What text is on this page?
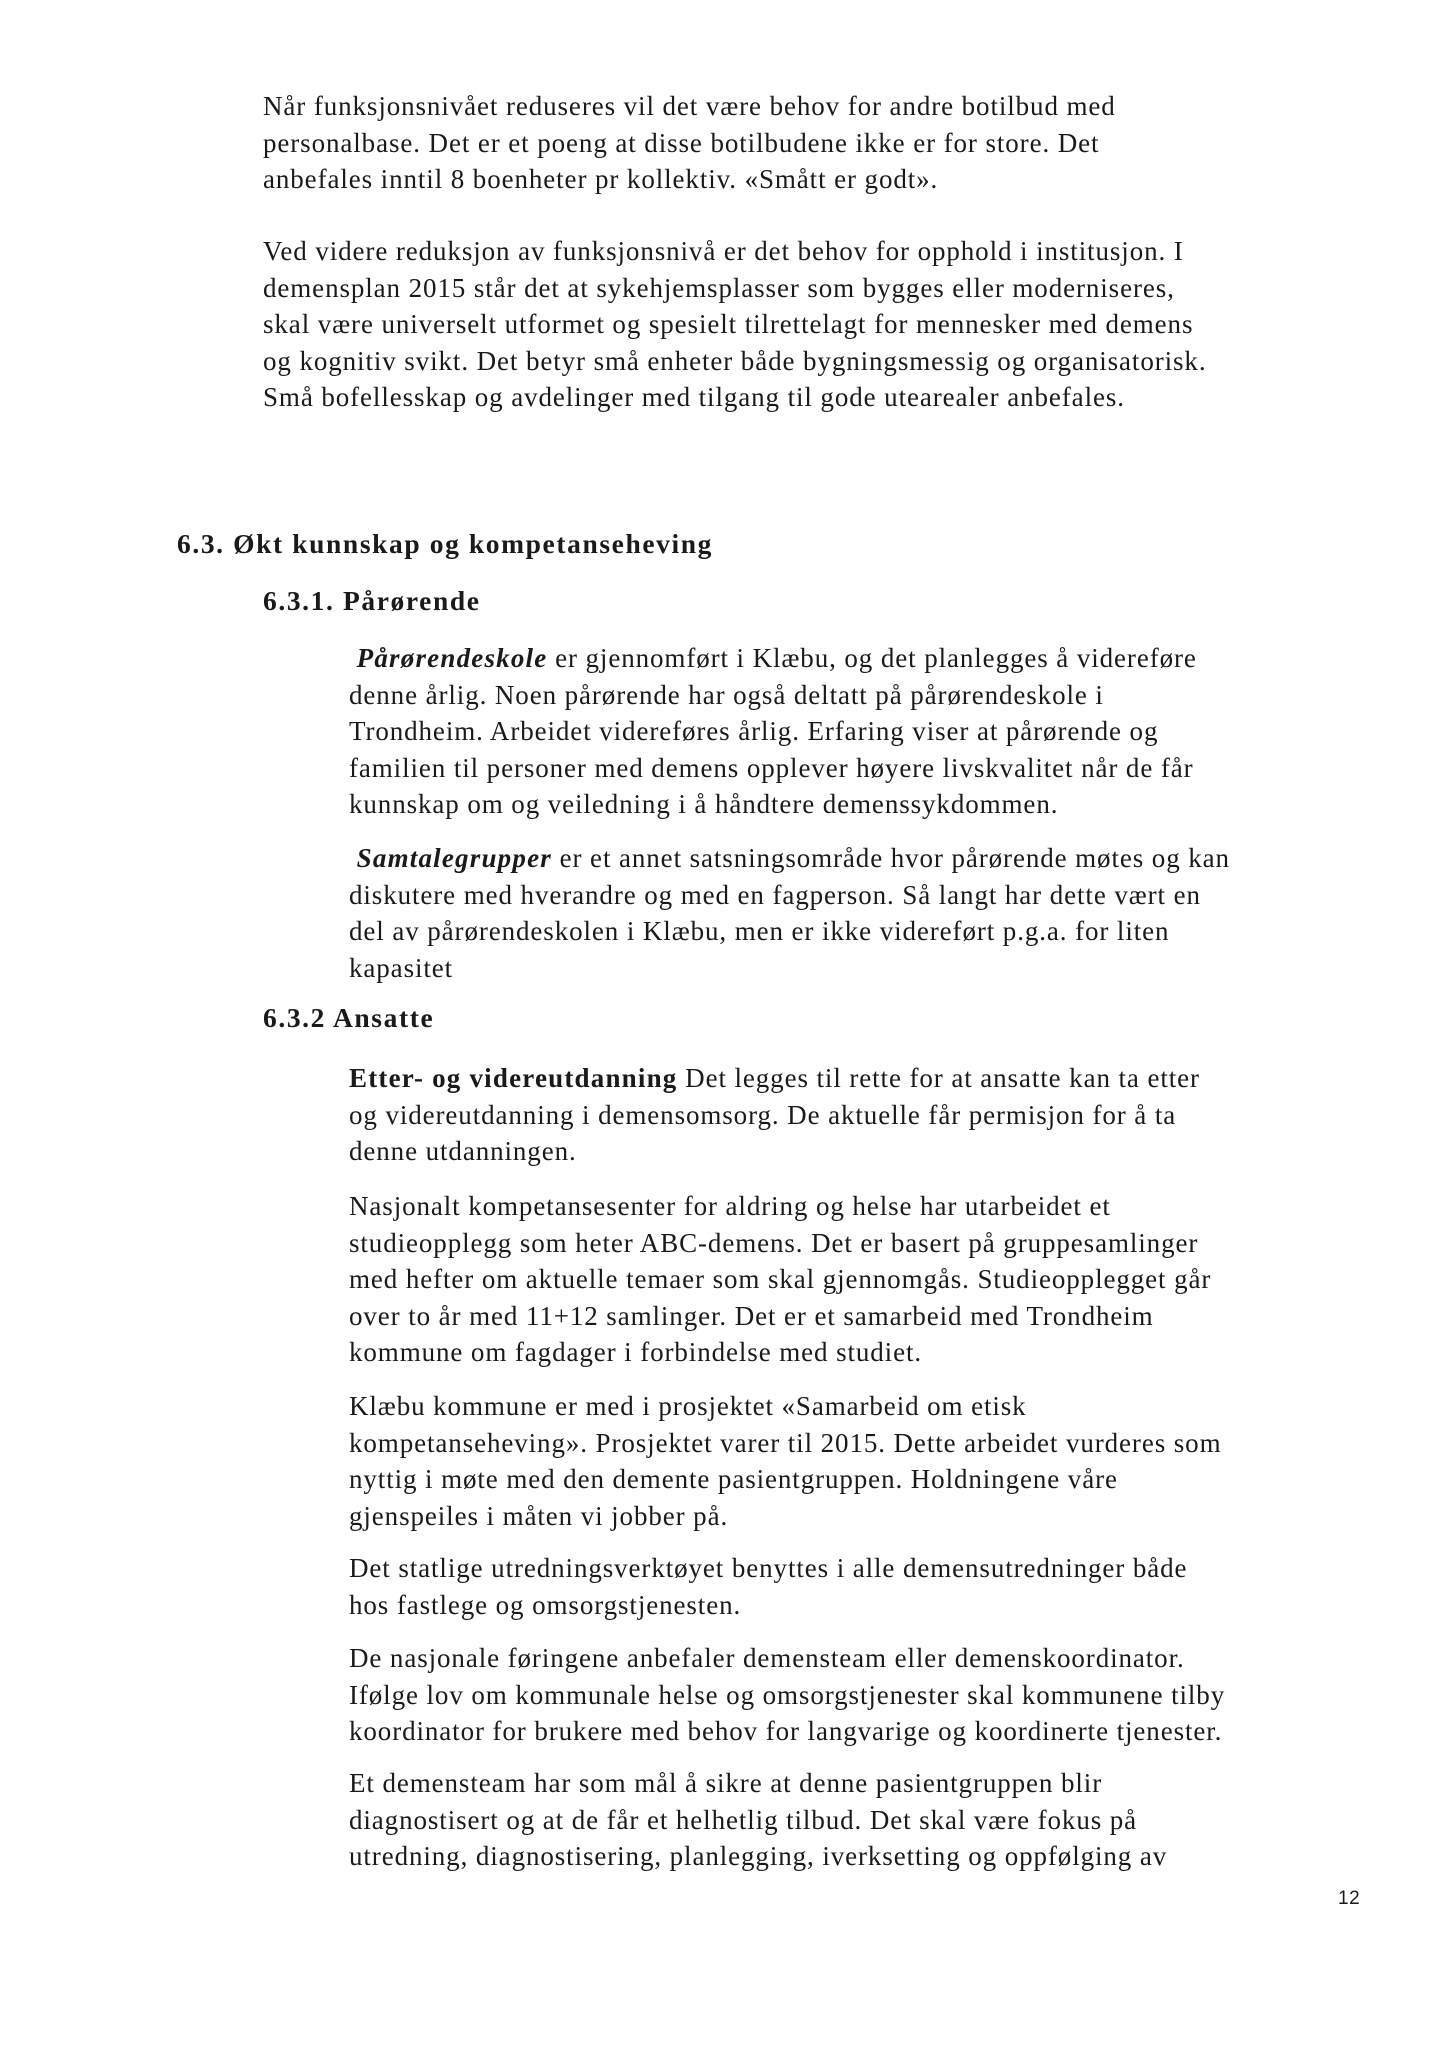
Når funksjonsnivået reduseres vil det være behov for andre botilbud med
personalbase. Det er et poeng at disse botilbudene ikke er for store. Det
anbefales inntil 8 boenheter pr kollektiv. «Smått er godt».

Ved videre reduksjon av funksjonsnivå er det behov for opphold i institusjon. I
demensplan 2015 står det at sykehjemsplasser som bygges eller moderniseres,
skal være universelt utformet og spesielt tilrettelagt for mennesker med demens
og kognitiv svikt. Det betyr små enheter både bygningsmessig og organisatorisk.
Små bofellesskap og avdelinger med tilgang til gode utearealer anbefales.

6.3. Økt kunnskap og kompetanseheving
6.3.1. Pårørende

Pårørendeskole er gjennomført i Klæbu, og det planlegges å videreføre
denne årlig. Noen pårørende har også deltatt på pårørendeskole i
Trondheim. Arbeidet videreføres årlig. Erfaring viser at pårørende og
familien til personer med demens opplever høyere livskvalitet når de får
kunnskap om og veiledning i å håndtere demenssykdommen.

Samtalegrupper er et annet satsningsområde hvor pårørende møtes og kan
diskutere med hverandre og med en fagperson. Så langt har dette vært en
del av pårørendeskolen i Klæbu, men er ikke videreført p.g.a. for liten
kapasitet

6.3.2 Ansatte

Etter- og videreutdanning Det legges til rette for at ansatte kan ta etter
og videreutdanning i demensomsorg. De aktuelle får permisjon for å ta
denne utdanningen.

Nasjonalt kompetansesenter for aldring og helse har utarbeidet et
studieopplegg som heter ABC-demens. Det er basert på gruppesamlinger
med hefter om aktuelle temaer som skal gjennomgås. Studieopplegget går
over to år med 11+12 samlinger. Det er et samarbeid med Trondheim
kommune om fagdager i forbindelse med studiet.

Klæbu kommune er med i prosjektet «Samarbeid om etisk
kompetanseheving». Prosjektet varer til 2015. Dette arbeidet vurderes som
nyttig i møte med den demente pasientgruppen. Holdningene våre
gjenspeiles i måten vi jobber på.

Det statlige utredningsverktøyet benyttes i alle demensutredninger både
hos fastlege og omsorgstjenesten.

De nasjonale føringene anbefaler demensteam eller demenskoordinator.
Ifølge lov om kommunale helse og omsorgstjenester skal kommunene tilby
koordinator for brukere med behov for langvarige og koordinerte tjenester.

Et demensteam har som mål å sikre at denne pasientgruppen blir
diagnostisert og at de får et helhetlig tilbud. Det skal være fokus på
utredning, diagnostisering, planlegging, iverksetting og oppfølging av

12
